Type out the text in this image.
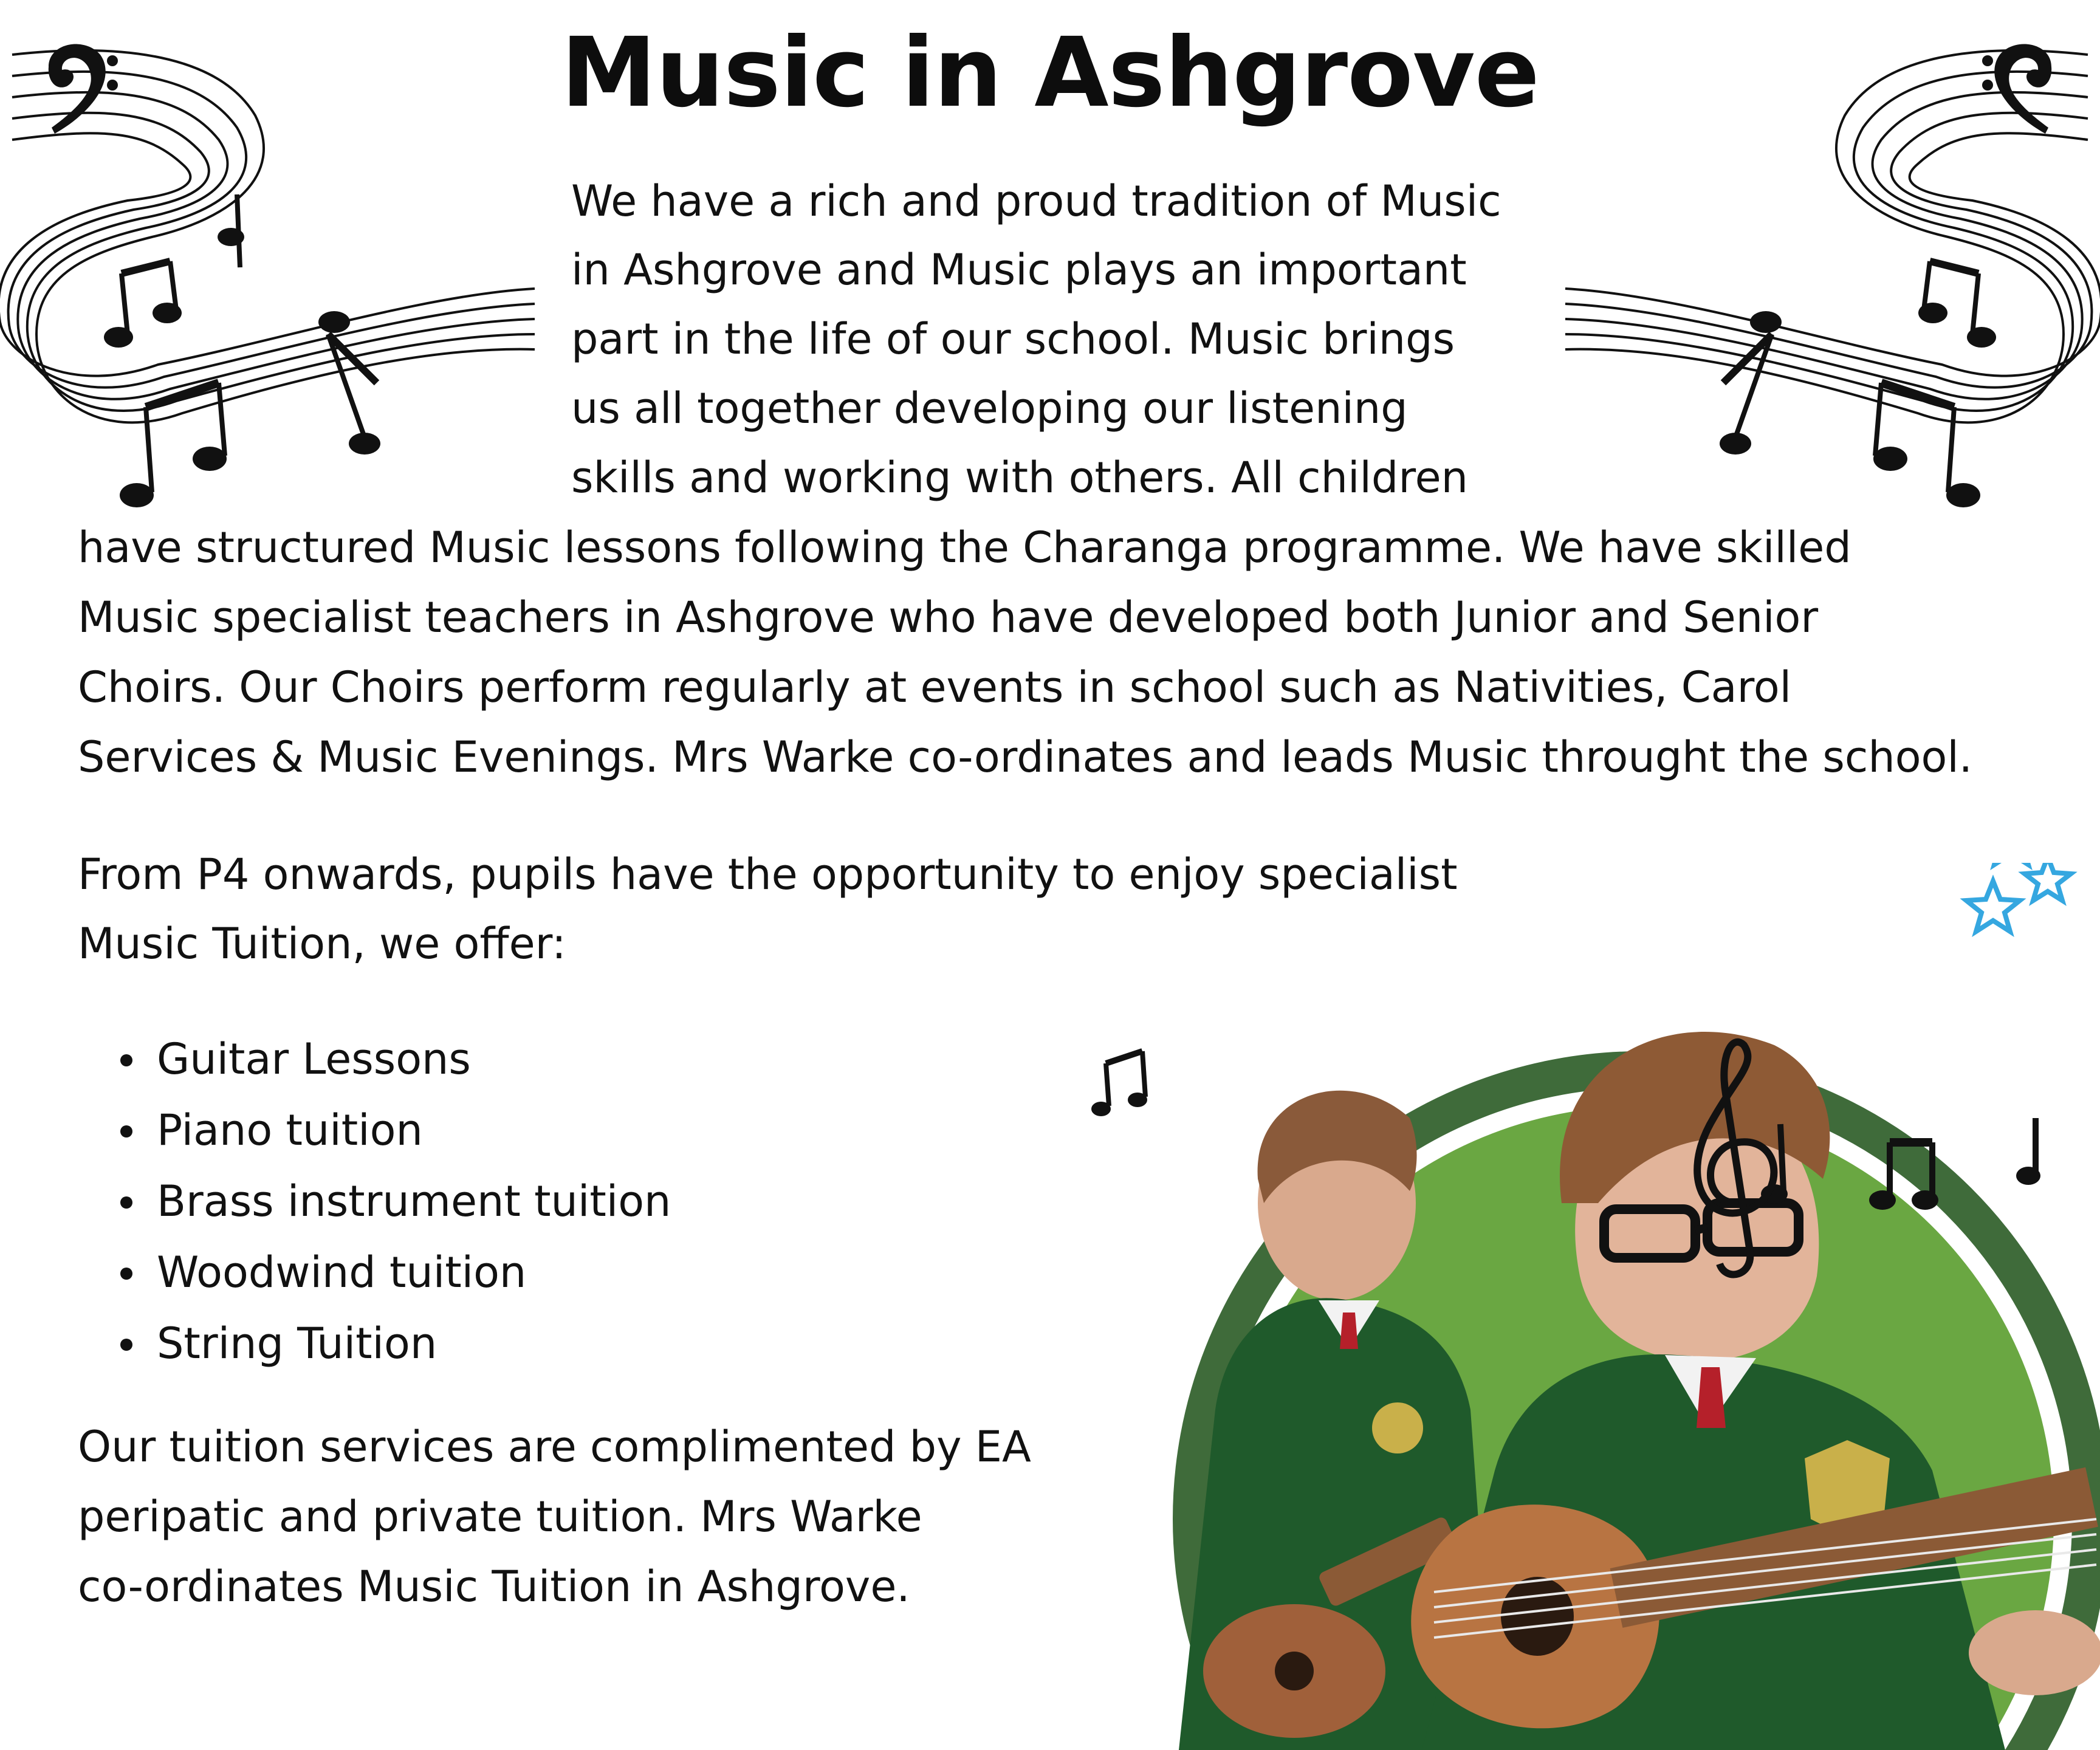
Music in Ashgrove
We have a rich and proud tradition of Music
in Ashgrove and Music plays an important
part in the life of our school. Music brings
us all together developing our listening
skills and working with others. All children
have structured Music lessons following the Charanga programme. We have skilled
Music specialist teachers in Ashgrove who have developed both Junior and Senior
Choirs. Our Choirs perform regularly at events in school such as Nativities, Carol
Services & Music Evenings. Mrs Warke co-ordinates and leads Music throught the school.
From P4 onwards, pupils have the opportunity to enjoy specialist
Music Tuition, we offer:
Guitar Lessons
Piano tuition
Brass instrument tuition
Woodwind tuition
String Tuition
Our tuition services are complimented by EA
peripatic and private tuition. Mrs Warke
co-ordinates Music Tuition in Ashgrove.
